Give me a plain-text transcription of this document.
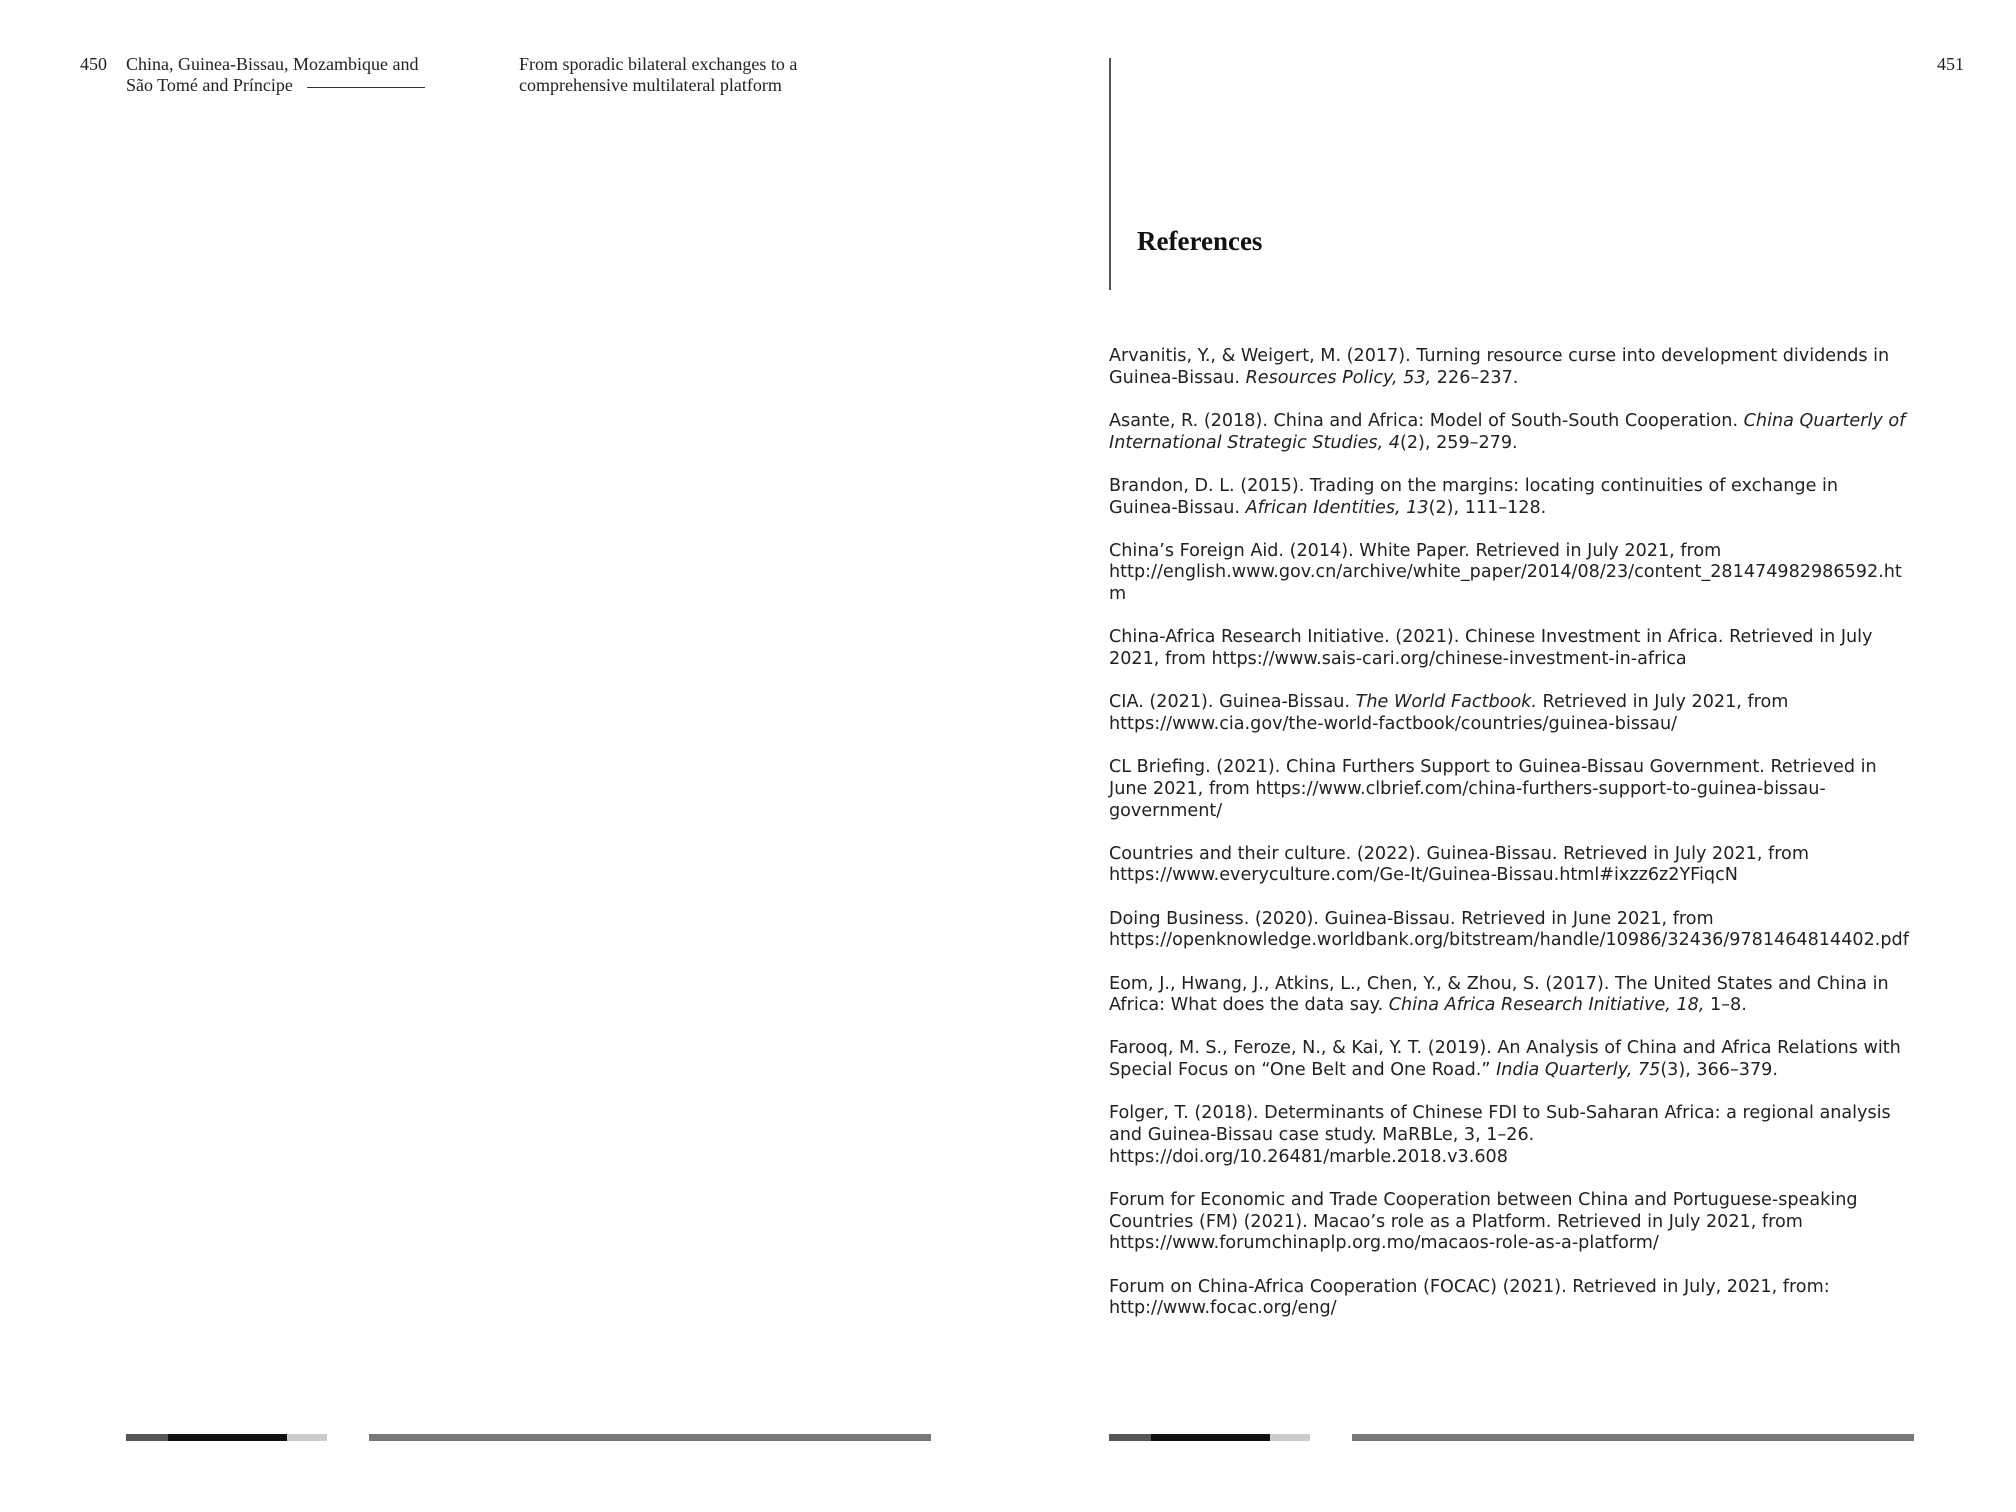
450 China, Guinea-Bissau, Mozambique and
São Tomé and Príncipe
From sporadic bilateral exchanges to a
comprehensive multilateral platform
451
References
Arvanitis, Y., & Weigert, M. (2017). Turning resource curse into development dividends in Guinea-Bissau. Resources Policy, 53, 226–237.
Asante, R. (2018). China and Africa: Model of South-South Cooperation. China Quarterly of International Strategic Studies, 4(2), 259–279.
Brandon, D. L. (2015). Trading on the margins: locating continuities of exchange in Guinea-Bissau. African Identities, 13(2), 111–128.
China’s Foreign Aid. (2014). White Paper. Retrieved in July 2021, from http://english.www.gov.cn/archive/white_paper/2014/08/23/content_281474982986592.htm
China-Africa Research Initiative. (2021). Chinese Investment in Africa. Retrieved in July 2021, from https://www.sais-cari.org/chinese-investment-in-africa
CIA. (2021). Guinea-Bissau. The World Factbook. Retrieved in July 2021, from https://www.cia.gov/the-world-factbook/countries/guinea-bissau/
CL Briefing. (2021). China Furthers Support to Guinea-Bissau Government. Retrieved in June 2021, from https://www.clbrief.com/china-furthers-support-to-guinea-bissau-government/
Countries and their culture. (2022). Guinea-Bissau. Retrieved in July 2021, from https://www.everyculture.com/Ge-It/Guinea-Bissau.html#ixzz6z2YFiqcN
Doing Business. (2020). Guinea-Bissau. Retrieved in June 2021, from https://openknowledge.worldbank.org/bitstream/handle/10986/32436/9781464814402.pdf
Eom, J., Hwang, J., Atkins, L., Chen, Y., & Zhou, S. (2017). The United States and China in Africa: What does the data say. China Africa Research Initiative, 18, 1–8.
Farooq, M. S., Feroze, N., & Kai, Y. T. (2019). An Analysis of China and Africa Relations with Special Focus on “One Belt and One Road.” India Quarterly, 75(3), 366–379.
Folger, T. (2018). Determinants of Chinese FDI to Sub-Saharan Africa: a regional analysis and Guinea-Bissau case study. MaRBLe, 3, 1–26. https://doi.org/10.26481/marble.2018.v3.608
Forum for Economic and Trade Cooperation between China and Portuguese-speaking Countries (FM) (2021). Macao’s role as a Platform. Retrieved in July 2021, from https://www.forumchinaplp.org.mo/macaos-role-as-a-platform/
Forum on China-Africa Cooperation (FOCAC) (2021). Retrieved in July, 2021, from: http://www.focac.org/eng/
